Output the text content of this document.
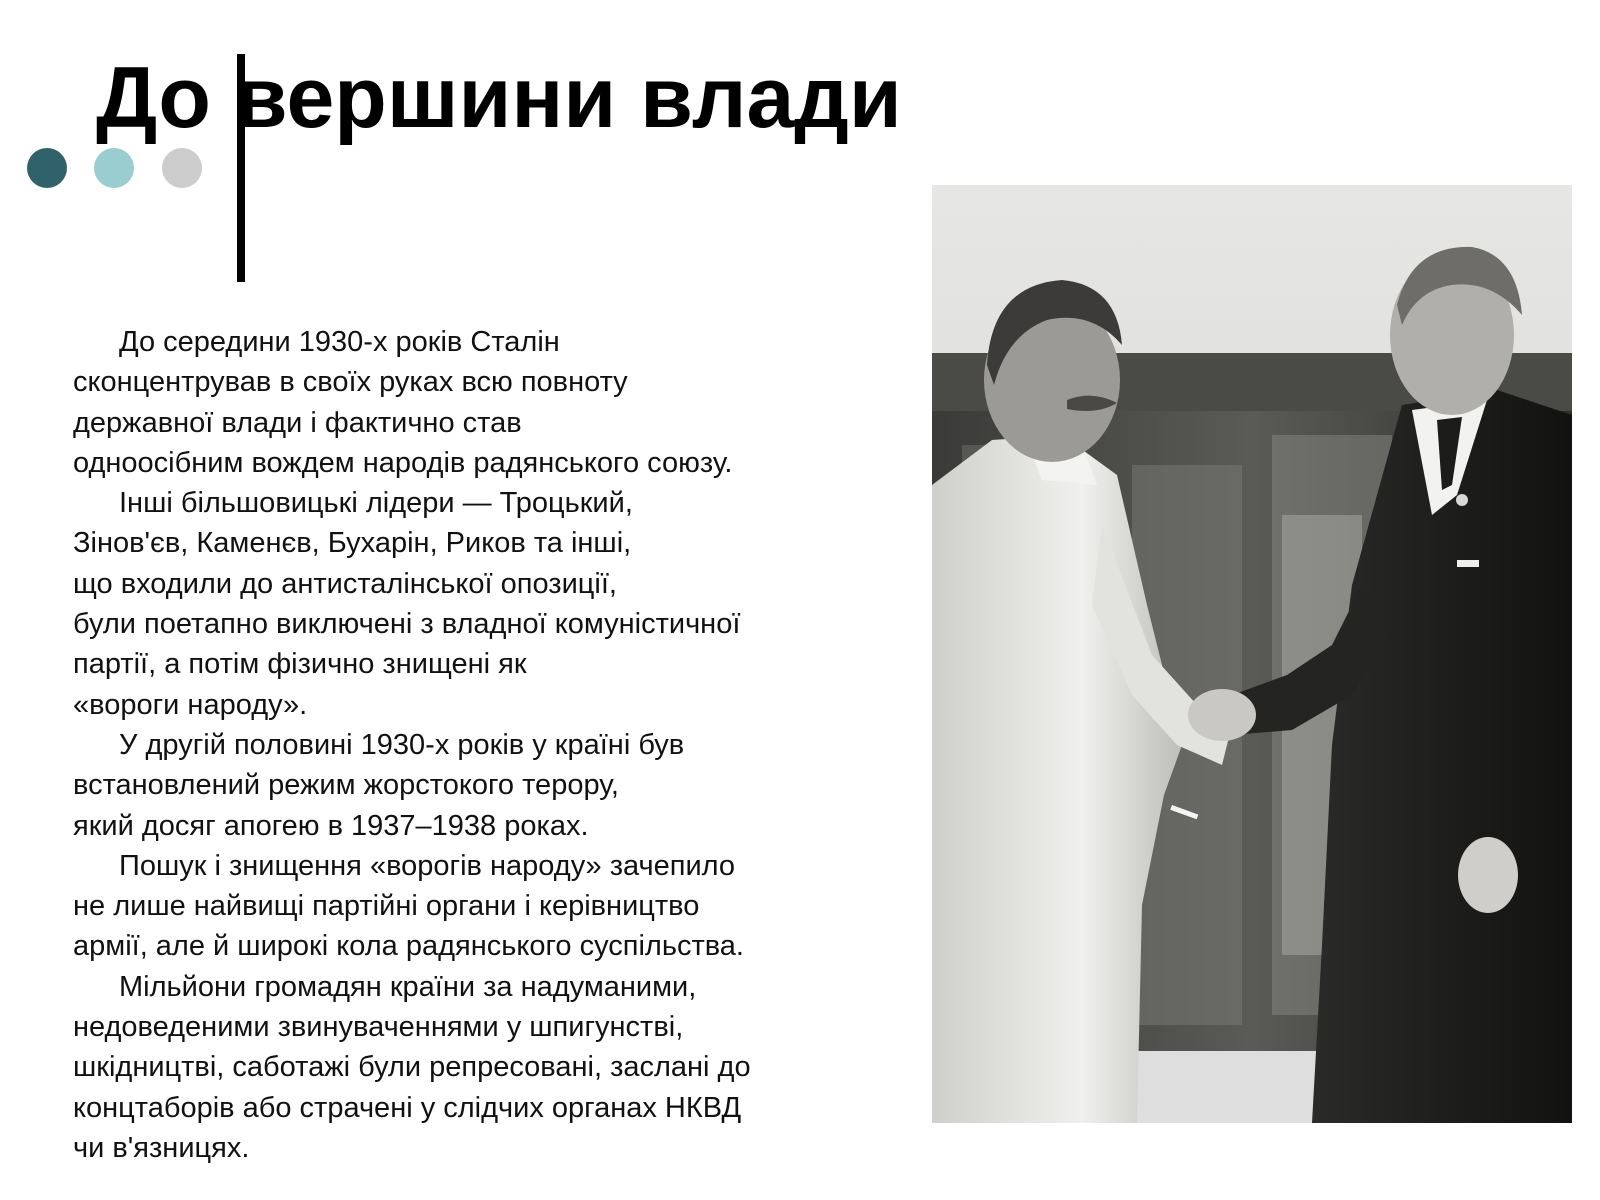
До вершини влади
До середини 1930-х років Сталін
сконцентрував в своїх руках всю повноту
державної влади і фактично став
одноосібним вождем народів радянського союзу.
Інші більшовицькі лідери — Троцький,
Зінов'єв, Каменєв, Бухарін, Риков та інші,
що входили до антисталінської опозиції,
були поетапно виключені з владної комуністичної
партії, а потім фізично знищені як
«вороги народу».
У другій половині 1930-х років у країні був
встановлений режим жорстокого терору,
який досяг апогею в 1937–1938 роках.
Пошук і знищення «ворогів народу» зачепило
не лише найвищі партійні органи і керівництво
армії, але й широкі кола радянського суспільства.
Мільйони громадян країни за надуманими,
недоведеними звинуваченнями у шпигунстві,
шкідництві, саботажі були репресовані, заслані до
концтаборів або страчені у слідчих органах НКВД
чи в'язницях.
